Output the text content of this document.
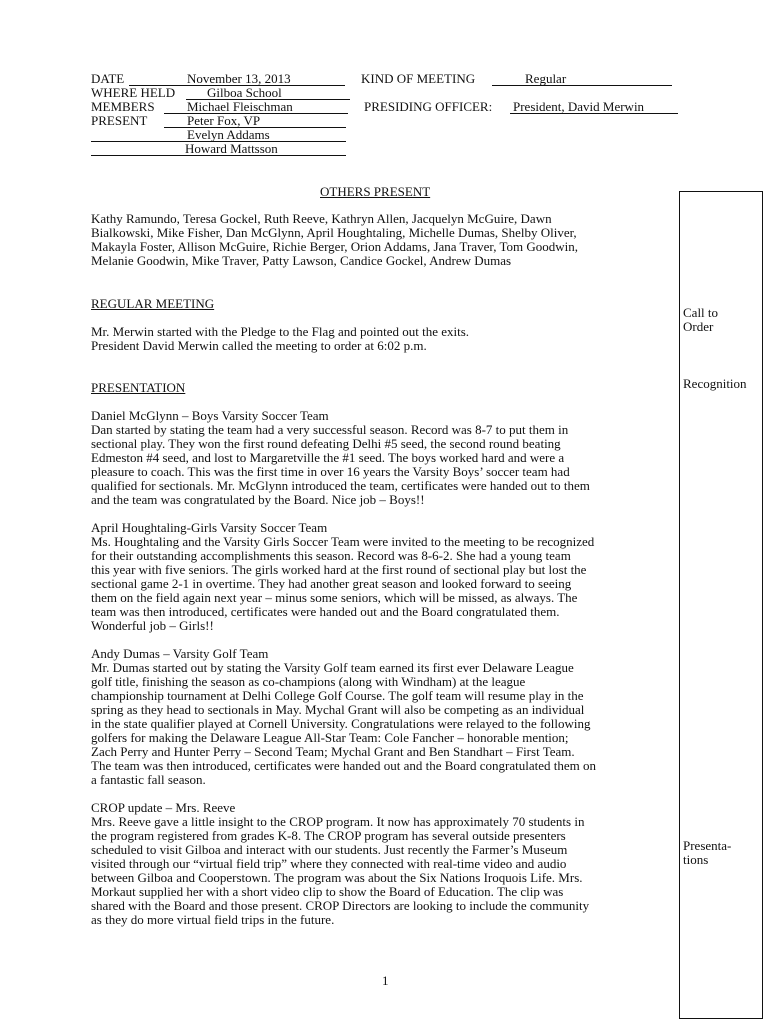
DATE	November 13, 2013	KIND OF MEETING	Regular
WHERE HELD Gilboa School
MEMBERS Michael Fleischman	PRESIDING OFFICER: President, David Merwin
PRESENT	Peter Fox, VP
Evelyn Addams
Howard Mattsson
Call to
Order
Recognition
Presenta-
tions
OTHERS PRESENT

Kathy Ramundo, Teresa Gockel, Ruth Reeve, Kathryn Allen, Jacquelyn McGuire, Dawn

Bialkowski, Mike Fisher, Dan McGlynn, April Houghtaling, Michelle Dumas, Shelby Oliver,

Makayla Foster, Allison McGuire, Richie Berger, Orion Addams, Jana Traver, Tom Goodwin,

Melanie Goodwin, Mike Traver, Patty Lawson, Candice Gockel, Andrew Dumas

REGULAR MEETING

Mr. Merwin started with the Pledge to the Flag and pointed out the exits.

President David Merwin called the meeting to order at 6:02 p.m.

PRESENTATION

Daniel McGlynn – Boys Varsity Soccer Team

Dan started by stating the team had a very successful season. Record was 8-7 to put them in

sectional play. They won the first round defeating Delhi #5 seed, the second round beating

Edmeston #4 seed, and lost to Margaretville the #1 seed. The boys worked hard and were a

pleasure to coach. This was the first time in over 16 years the Varsity Boys’ soccer team had

qualified for sectionals. Mr. McGlynn introduced the team, certificates were handed out to them

and the team was congratulated by the Board. Nice job – Boys!!

April Houghtaling-Girls Varsity Soccer Team

Ms. Houghtaling and the Varsity Girls Soccer Team were invited to the meeting to be recognized

for their outstanding accomplishments this season. Record was 8-6-2. She had a young team

this year with five seniors. The girls worked hard at the first round of sectional play but lost the

sectional game 2-1 in overtime. They had another great season and looked forward to seeing

them on the field again next year – minus some seniors, which will be missed, as always. The

team was then introduced, certificates were handed out and the Board congratulated them.

Wonderful job – Girls!!

Andy Dumas – Varsity Golf Team

Mr. Dumas started out by stating the Varsity Golf team earned its first ever Delaware League

golf title, finishing the season as co-champions (along with Windham) at the league

championship tournament at Delhi College Golf Course. The golf team will resume play in the

spring as they head to sectionals in May. Mychal Grant will also be competing as an individual

in the state qualifier played at Cornell University. Congratulations were relayed to the following

golfers for making the Delaware League All-Star Team: Cole Fancher – honorable mention;

Zach Perry and Hunter Perry – Second Team; Mychal Grant and Ben Standhart – First Team.

The team was then introduced, certificates were handed out and the Board congratulated them on

a fantastic fall season.

CROP update – Mrs. Reeve

Mrs. Reeve gave a little insight to the CROP program. It now has approximately 70 students in

the program registered from grades K-8. The CROP program has several outside presenters

scheduled to visit Gilboa and interact with our students. Just recently the Farmer’s Museum

visited through our “virtual field trip” where they connected with real-time video and audio

between Gilboa and Cooperstown. The program was about the Six Nations Iroquois Life. Mrs.

Morkaut supplied her with a short video clip to show the Board of Education. The clip was

shared with the Board and those present. CROP Directors are looking to include the community

as they do more virtual field trips in the future.

1
